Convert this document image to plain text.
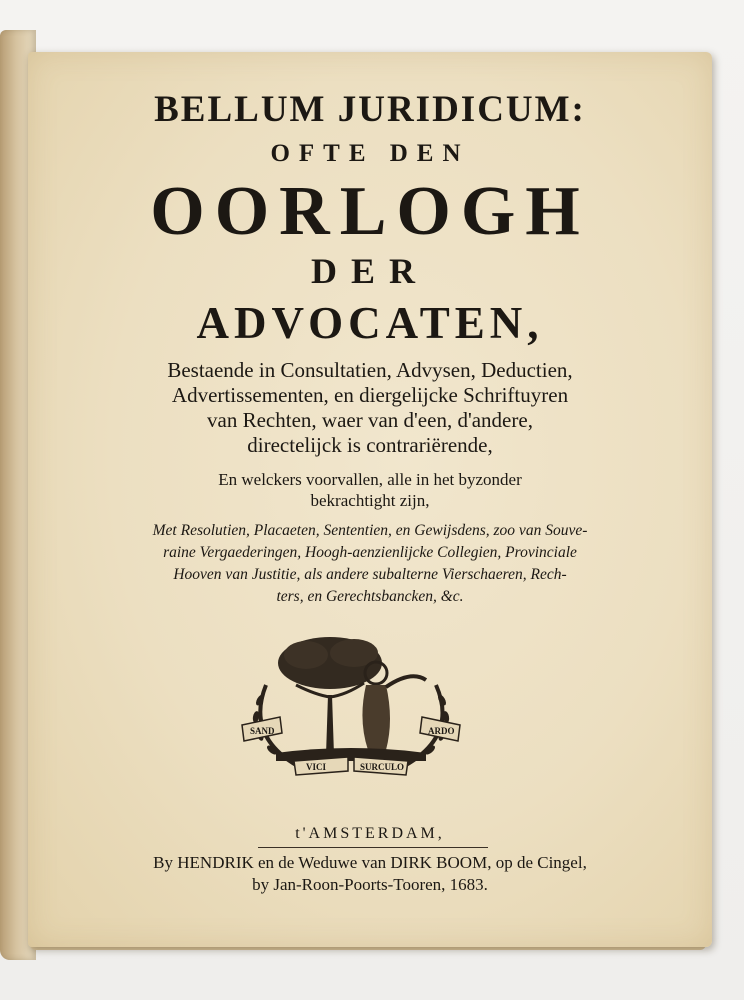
BELLUM JURIDICUM:
OFTE DEN
OORLOGH
DER
ADVOCATEN,
Bestaende in Consultatien, Advysen, Deductien,
Advertissementen, en diergelijcke Schriftuyren
van Rechten, waer van d'een, d'andere,
directelijck is contrariërende,
En welckers voorvallen, alle in het byzonder
bekrachtight zijn,
Met Resolutien, Placaeten, Sententien, en Gewijsdens, zoo van Souve-
raine Vergaederingen, Hoogh-aenzienlijcke Collegien, Provinciale
Hooven van Justitie, als andere subalterne Vierschaeren, Rech-
ters, en Gerechtsbancken, &c.
SAND	ARDO
VICI	SURCULO
t'AMSTERDAM,
By HENDRIK en de Weduwe van DIRK BOOM, op de Cingel,
by Jan-Roon-Poorts-Tooren, 1683.
